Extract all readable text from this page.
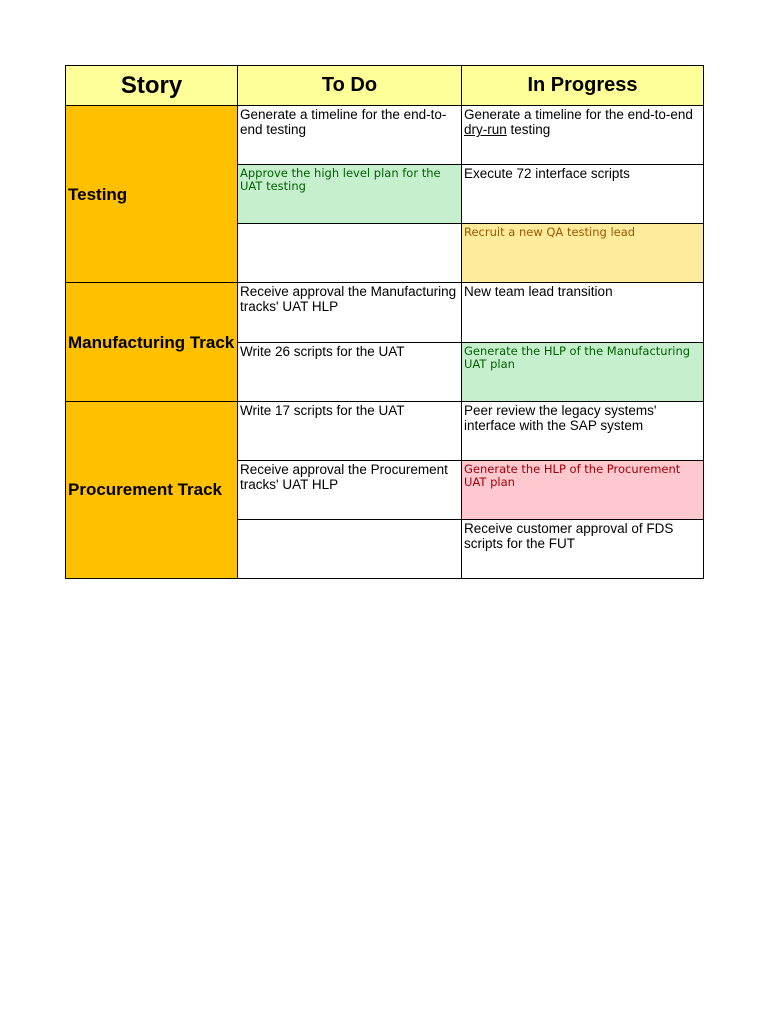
Story	To Do	In Progress
Testing	Generate a timeline for the end-to-end testing	Generate a timeline for the end-to-end dry-run testing
	Approve the high level plan for the UAT testing	Execute 72 interface scripts
		Recruit a new QA testing lead
Manufacturing Track	Receive approval the Manufacturing tracks' UAT HLP	New team lead transition
	Write 26 scripts for the UAT	Generate the HLP of the Manufacturing UAT plan
Procurement Track	Write 17 scripts for the UAT	Peer review the legacy systems' interface with the SAP system
	Receive approval the Procurement tracks' UAT HLP	Generate the HLP of the Procurement UAT plan
		Receive customer approval of FDS scripts for the FUT
